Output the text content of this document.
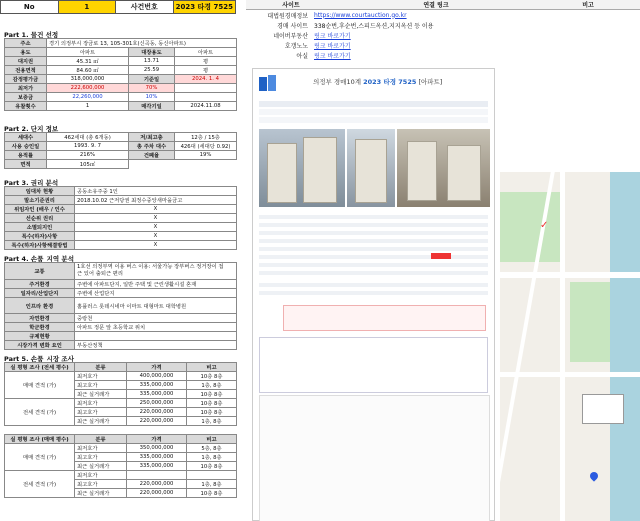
No	1	사건번호	2023 타경 7525
Part 1. 물건 선정
주소	경기 의정부시 장금로 13, 105-301호(신곡동, 동신아파트)		
용도	아파트	대장용도	아파트
대지권	45.31 ㎡	13.71	평
전용면적	84.60 ㎡	25.59	평
감정평가금	318,000,000	기준일	2024. 1. 4
최저가	222,600,000	70%	
보증금	22,260,000	10%	
유찰횟수	1	매각기일	2024.11.08
Part 2. 단지 정보
세대수	462세대 (총 6개동)	저/최고층	12층 / 15층
사용 승인일	1993. 9. 7	총 주차 대수	426대 (세대당 0.92)
용적률	216%	건폐율	19%
면적	105㎡		
Part 3. 권리 분석
임대차 현황	공동소유주중 1인
말소기준권리	2018.10.02 근저당권 최정수중앙새마을금고
위임자인 (배우 / 인수	X
선순위 권리	X
소멸되지인	X
특수(하자)사항	X
특수(하자)사항해결방법	X
Part 4. 손품_지역 분석
교통	1호선 의정부역 이용 버스 이용: 서울가능 장부버스 정거장이 접
근 있어 출퇴근 편리
주거환경	주변에 아파트단지, 일반 주택 및 근린생활시설 혼재
일자리/산업단지	주변에 산업단지
인프라 환경	홈플러스 롯데시네마 이마트 대형마트 대학병원
자연환경	중랑천
학군환경	아파트 정문 앞 초등학교 위치
규제현황	
시장가격 변화 요인	부동산정책
Part 5. 손품_시장 조사
실 평형 조사 (전세 평수)	분류	가격	비고
매매 견적 (가)	최저호가	400,000,000	10층 8층
	최고호가	335,000,000	1층, 8층
	최근 실거래가	335,000,000	10층 8층
전세 견적 (가)	최저호가	250,000,000	10층 8층
	최고호가	220,000,000	10층 8층
	최근 실거래가	220,000,000	1층, 8층
실 평형 조사 (매매 평수)	분류	가격	비고
매매 견적 (가)	최저호가	350,000,000	5층, 8층
	최고호가	335,000,000	1층, 8층
	최근 실거래가	335,000,000	10층 8층
전세 견적 (가)	최저호가		
	최고호가	220,000,000	1층, 8층
	최근 실거래가	220,000,000	10층 8층
사이트	연결 링크	비고
대법원경매정보	https://www.courtauction.go.kr
경매 사이트	338순번,후순번,스피드옥션,지지옥션 등 이용
네이버부동산	링크 바로가기
호갱노노	링크 바로가기
아실	링크 바로가기
의정부 경매10계 2023 타경 7525 [아파트]
✓
